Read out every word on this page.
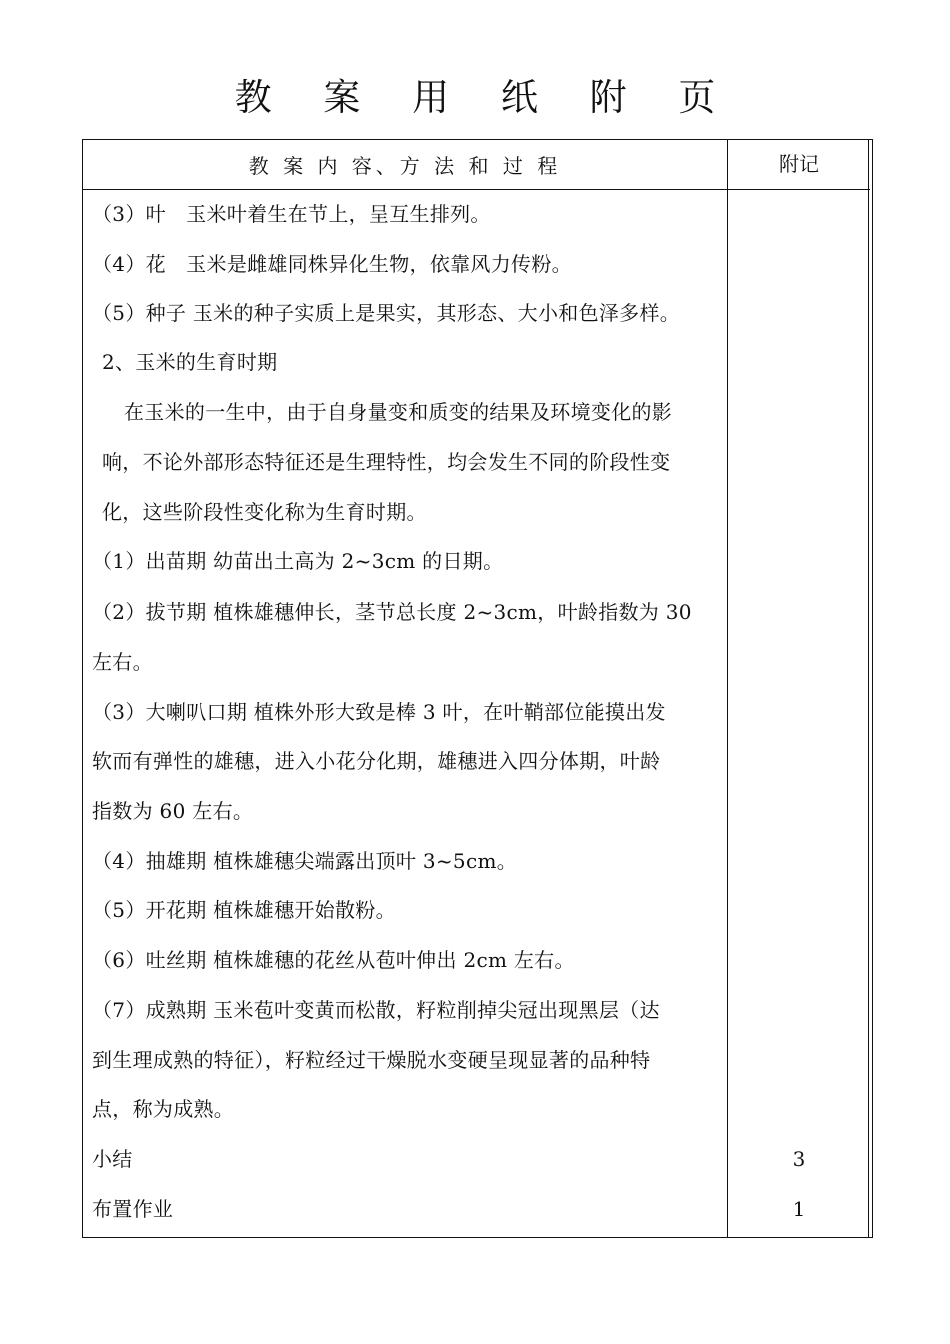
教 案 用 纸 附 页
教 案 内 容、方 法 和 过 程	附记
（3）叶　玉米叶着生在节上，呈互生排列。
（4）花　玉米是雌雄同株异化生物，依靠风力传粉。
（5）种子 玉米的种子实质上是果实，其形态、大小和色泽多样。
2、玉米的生育时期
在玉米的一生中，由于自身量变和质变的结果及环境变化的影
响，不论外部形态特征还是生理特性，均会发生不同的阶段性变
化，这些阶段性变化称为生育时期。
（1）出苗期 幼苗出土高为 2~3cm 的日期。
（2）拔节期 植株雄穗伸长，茎节总长度 2~3cm，叶龄指数为 30
左右。
（3）大喇叭口期 植株外形大致是棒 3 叶，在叶鞘部位能摸出发
软而有弹性的雄穗，进入小花分化期，雄穗进入四分体期，叶龄
指数为 60 左右。
（4）抽雄期 植株雄穗尖端露出顶叶 3~5cm。
（5）开花期 植株雄穗开始散粉。
（6）吐丝期 植株雄穗的花丝从苞叶伸出 2cm 左右。
（7）成熟期 玉米苞叶变黄而松散，籽粒削掉尖冠出现黑层（达
到生理成熟的特征），籽粒经过干燥脱水变硬呈现显著的品种特
点，称为成熟。
小结
布置作业
3
1
